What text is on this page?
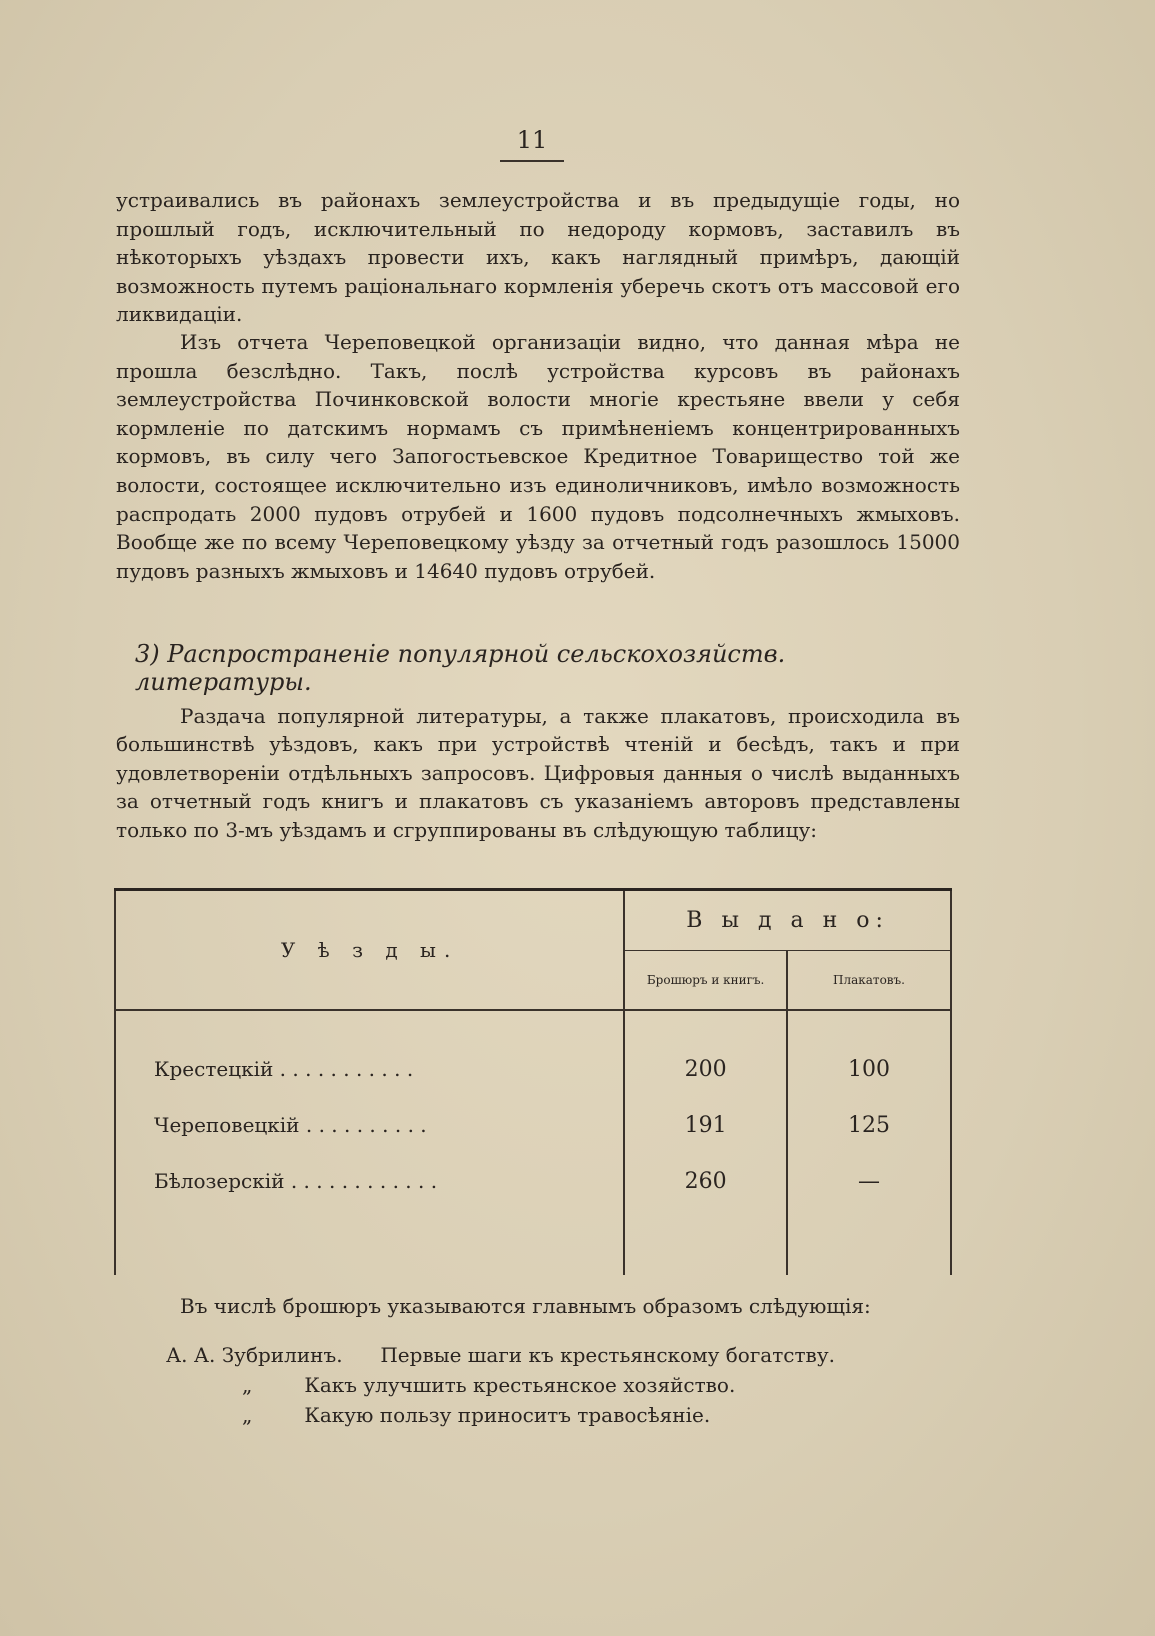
11

устраивались въ районахъ землеустройства и въ предыдущіе годы, но прошлый годъ, исключительный по недороду кормовъ, заставилъ въ нѣкоторыхъ уѣздахъ провести ихъ, какъ наглядный примѣръ, дающій возможность путемъ раціональнаго кормленія уберечь скотъ отъ массовой его ликвидаціи.

Изъ отчета Череповецкой организаціи видно, что данная мѣра не прошла безслѣдно. Такъ, послѣ устройства курсовъ въ районахъ землеустройства Починковской волости многіе крестьяне ввели у себя кормленіе по датскимъ нормамъ съ примѣненіемъ концентрированныхъ кормовъ, въ силу чего Запогостьевское Кредитное Товарищество той же волости, состоящее исключительно изъ единоличниковъ, имѣло возможность распродать 2000 пудовъ отрубей и 1600 пудовъ подсолнечныхъ жмыховъ. Вообще же по всему Череповецкому уѣзду за отчетный годъ разошлось 15000 пудовъ разныхъ жмыховъ и 14640 пудовъ отрубей.

3) Распространеніе популярной сельскохозяйств. литературы.

Раздача популярной литературы, а также плакатовъ, происходила въ большинствѣ уѣздовъ, какъ при устройствѣ чтеній и бесѣдъ, такъ и при удовлетвореніи отдѣльныхъ запросовъ. Цифровыя данныя о числѣ выданныхъ за отчетный годъ книгъ и плакатовъ съ указаніемъ авторовъ представлены только по 3-мъ уѣздамъ и сгруппированы въ слѣдующую таблицу:

У ѣ з д ы.	В ы д а н о:	
	Брошюръ и книгъ.	Плакатовъ.

Крестецкій . . . . . . . . . . .	200	100
Череповецкій . . . . . . . . . .	191	125
Бѣлозерскій . . . . . . . . . . . .	260	—

Въ числѣ брошюръ указываются главнымъ образомъ слѣдующія:

А. А. Зубрилинъ. Первые шаги къ крестьянскому богатству.
„	Какъ улучшить крестьянское хозяйство.
„	Какую пользу приноситъ травосѣяніе.
